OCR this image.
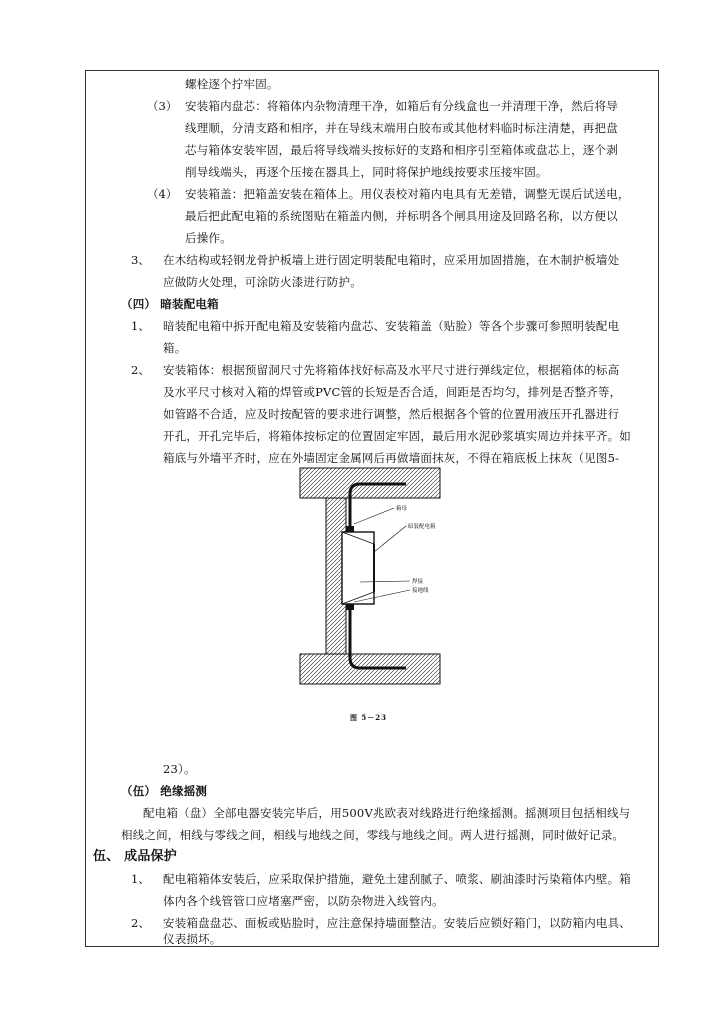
螺栓逐个拧牢固。
（3） 安装箱内盘芯：将箱体内杂物清理干净，如箱后有分线盒也一并清理干净，然后将导
线理顺，分清支路和相序，并在导线末端用白胶布或其他材料临时标注清楚，再把盘
芯与箱体安装牢固，最后将导线端头按标好的支路和相序引至箱体或盘芯上，逐个剥
削导线端头，再逐个压接在器具上，同时将保护地线按要求压接牢固。
（4） 安装箱盖：把箱盖安装在箱体上。用仪表校对箱内电具有无差错，调整无误后试送电，
最后把此配电箱的系统图贴在箱盖内侧，并标明各个闸具用途及回路名称，以方便以
后操作。
3、 在木结构或轻钢龙骨护板墙上进行固定明装配电箱时，应采用加固措施，在木制护板墙处
应做防火处理，可涂防火漆进行防护。
（四） 暗装配电箱
1、 暗装配电箱中拆开配电箱及安装箱内盘芯、安装箱盖（贴脸）等各个步骤可参照明装配电
箱。
2、 安装箱体：根据预留洞尺寸先将箱体找好标高及水平尺寸进行弹线定位，根据箱体的标高
及水平尺寸核对入箱的焊管或PVC管的长短是否合适，间距是否均匀，排列是否整齐等，
如管路不合适，应及时按配管的要求进行调整，然后根据各个管的位置用液压开孔器进行
开孔，开孔完毕后，将箱体按标定的位置固定牢固，最后用水泥砂浆填实周边并抹平齐。如
箱底与外墙平齐时，应在外墙固定金属网后再做墙面抹灰，不得在箱底板上抹灰（见图5-
箱母
暗装配电箱
焊接
接地线
图 5－23
23）。
（伍） 绝缘摇测
配电箱（盘）全部电器安装完毕后，用500V兆欧表对线路进行绝缘摇测。摇测项目包括相线与
相线之间，相线与零线之间，相线与地线之间，零线与地线之间。两人进行摇测，同时做好记录。
伍、 成品保护
1、 配电箱箱体安装后，应采取保护措施，避免土建刮腻子、喷浆、刷油漆时污染箱体内壁。箱
体内各个线管管口应堵塞严密，以防杂物进入线管内。
2、 安装箱盘盘芯、面板或贴脸时，应注意保持墙面整洁。安装后应锁好箱门，以防箱内电具、
仪表损坏。
